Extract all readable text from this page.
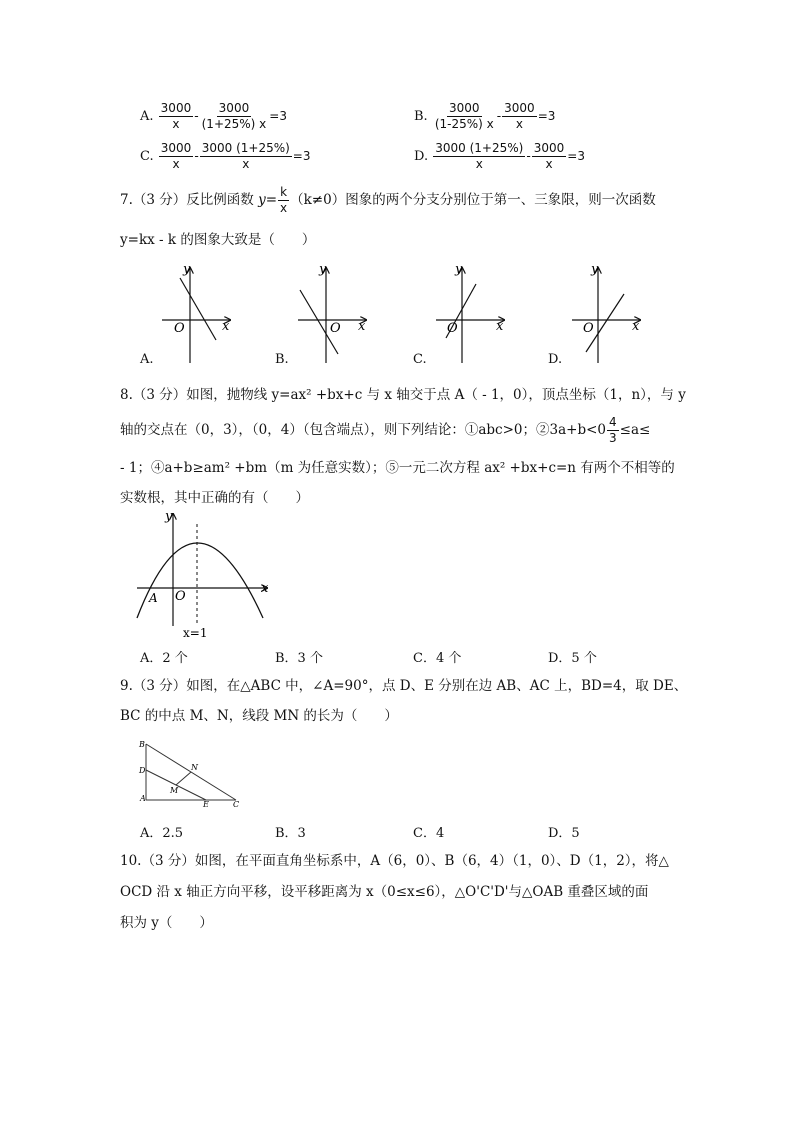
A. $\frac{3000}{x} - \frac{3000}{(1+25\%) x} =3$	B. $\frac{3000}{(1-25\%) x} - \frac{3000}{x} =3$
C. $\frac{3000}{x} - \frac{3000 (1+25\%)}{x} =3$	D. $\frac{3000 (1+25\%)}{x} - \frac{3000}{x} =3$
7.（3 分）反比例函数 $y= \frac{k}{x} (k\ne 0)$图象的两个分支分别位于第一、三象限，则一次函数
y=kx - k 的图象大致是（　　）
y
x
O
y
x
O
y
x
O
y
x
O
A.	B.	C.	D.
8.（3 分）如图，抛物线 y=ax² +bx+c 与 x 轴交于点 A（ - 1，0），顶点坐标（1，n），与 y
轴的交点在（0，3），（0，4）（包含端点），则下列结论：①abc>0；②3a+b<0 $\frac{4}{3} \le a\le$
- 1；④a+b≥am² +bm（m 为任意实数）；⑤一元二次方程 ax² +bx+c=n 有两个不相等的
实数根，其中正确的有（　　）
y
x
O
A
x=1
A．2 个	B．3 个	C．4 个	D．5 个
9.（3 分）如图，在△ABC 中，∠A=90°，点 D、E 分别在边 AB、AC 上，BD=4，取 DE、
BC 的中点 M、N，线段 MN 的长为（　　）
B
D
A
M
N
E	C
A．2.5	B．3	C．4	D．5
10.（3 分）如图，在平面直角坐标系中，A（6，0）、B（6，4）（1，0）、D（1，2），将△
OCD 沿 x 轴正方向平移，设平移距离为 x（0≤x≤6），△O'C'D'与△OAB 重叠区域的面
积为 y（　　）
